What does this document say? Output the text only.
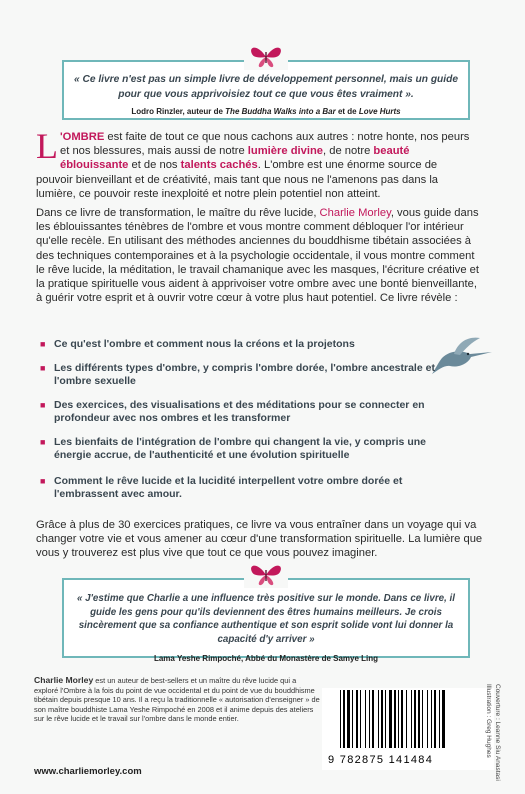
« Ce livre n'est pas un simple livre de développement personnel, mais un guide pour que vous apprivoisiez tout ce que vous êtes vraiment ».
Lodro Rinzler, auteur de The Buddha Walks into a Bar et de Love Hurts
L 'OMBRE est faite de tout ce que nous cachons aux autres : notre honte, nos peurs et nos blessures, mais aussi de notre lumière divine, de notre beauté éblouissante et de nos talents cachés. L'ombre est une énorme source de pouvoir bienveillant et de créativité, mais tant que nous ne l'amenons pas dans la lumière, ce pouvoir reste inexploité et notre plein potentiel non atteint.
Dans ce livre de transformation, le maître du rêve lucide, Charlie Morley, vous guide dans les éblouissantes ténèbres de l'ombre et vous montre comment débloquer l'or intérieur qu'elle recèle. En utilisant des méthodes anciennes du bouddhisme tibétain associées à des techniques contemporaines et à la psychologie occidentale, il vous montre comment le rêve lucide, la méditation, le travail chamanique avec les masques, l'écriture créative et la pratique spirituelle vous aident à apprivoiser votre ombre avec une bonté bienveillante, à guérir votre esprit et à ouvrir votre cœur à votre plus haut potentiel. Ce livre révèle :
■ Ce qu'est l'ombre et comment nous la créons et la projetons
■ Les différents types d'ombre, y compris l'ombre dorée, l'ombre ancestrale et l'ombre sexuelle
■ Des exercices, des visualisations et des méditations pour se connecter en profondeur avec nos ombres et les transformer
■ Les bienfaits de l'intégration de l'ombre qui changent la vie, y compris une énergie accrue, de l'authenticité et une évolution spirituelle
■ Comment le rêve lucide et la lucidité interpellent votre ombre dorée et l'embrassent avec amour.
Grâce à plus de 30 exercices pratiques, ce livre va vous entraîner dans un voyage qui va changer votre vie et vous amener au cœur d'une transformation spirituelle. La lumière que vous y trouverez est plus vive que tout ce que vous pouvez imaginer.
« J'estime que Charlie a une influence très positive sur le monde. Dans ce livre, il guide les gens pour qu'ils deviennent des êtres humains meilleurs. Je crois sincèrement que sa confiance authentique et son esprit solide vont lui donner la capacité d'y arriver »
Lama Yeshe Rimpoché, Abbé du Monastère de Samye Ling
Charlie Morley est un auteur de best-sellers et un maître du rêve lucide qui a exploré l'Ombre à la fois du point de vue occidental et du point de vue du bouddhisme tibétain depuis presque 10 ans. Il a reçu la traditionnelle « autorisation d'enseigner » de son maître bouddhiste Lama Yeshe Rimpoché en 2008 et il anime depuis des ateliers sur le rêve lucide et le travail sur l'ombre dans le monde entier.
www.charliemorley.com
9 782875 141484	Couverture : Leanne Siu Anastasi
Illustration : Greg Hughes
